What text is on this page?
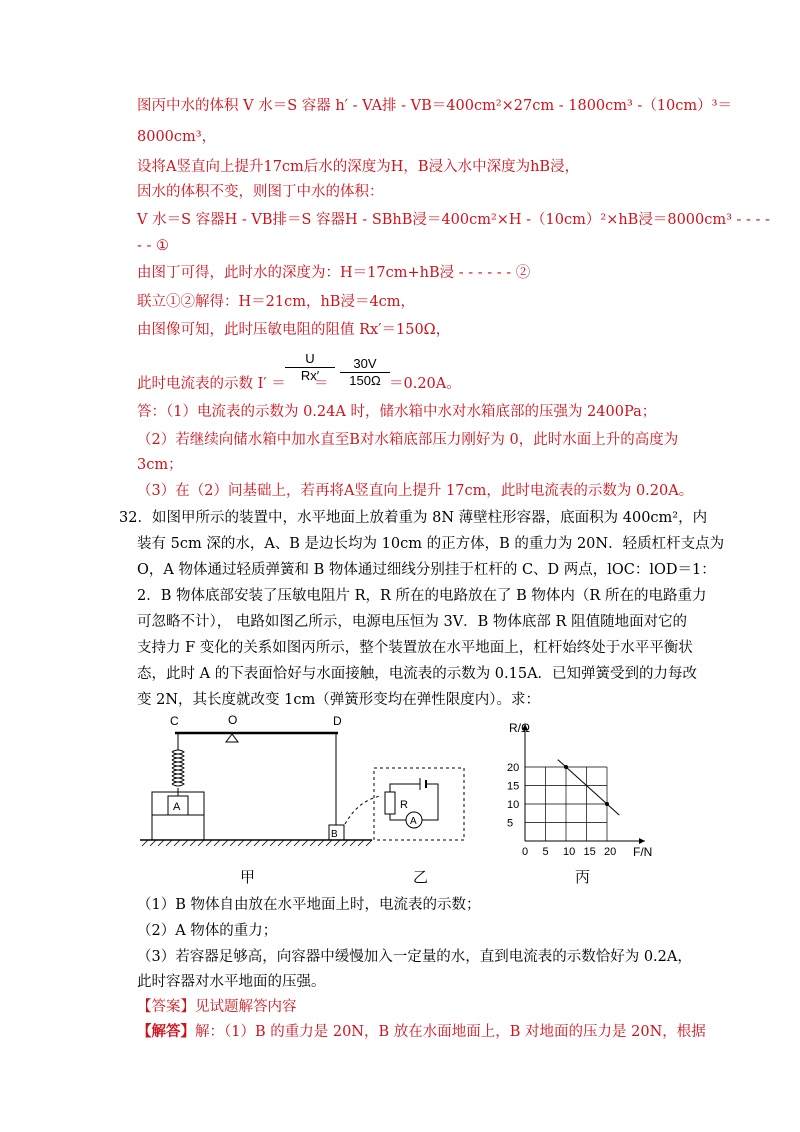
图丙中水的体积 V 水＝S 容器 h′ ‑ VA排 ‑ VB＝400cm²×27cm ‑ 1800cm³ ‑（10cm）³＝
8000cm³，
设将A竖直向上提升17cm后水的深度为H，B浸入水中深度为hB浸，
因水的体积不变，则图丁中水的体积：
V 水＝S 容器H ‑ VB排＝S 容器H ‑ SBhB浸＝400cm²×H ‑（10cm）²×hB浸＝8000cm³ ‑ ‑ ‑ ‑
‑ ‑ ①
由图丁可得，此时水的深度为：H＝17cm+hB浸 ‑ ‑ ‑ ‑ ‑ ‑ ②
联立①②解得：H＝21cm，hB浸＝4cm，
由图像可知，此时压敏电阻的阻值 Rx′＝150Ω，
此时电流表的示数 I′ ＝
$\frac{U}{Rx'}$
＝ $\frac{30V}{150\Omega} =0.20A$。
答：（1）电流表的示数为 0.24A 时，储水箱中水对水箱底部的压强为 2400Pa；
（2）若继续向储水箱中加水直至B对水箱底部压力刚好为 0，此时水面上升的高度为
3cm；
（3）在（2）问基础上，若再将A竖直向上提升 17cm，此时电流表的示数为 0.20A。
32． 如图甲所示的装置中，水平地面上放着重为 8N 薄壁柱形容器，底面积为 400cm²，内
装有 5cm 深的水，A、B 是边长均为 10cm 的正方体，B 的重力为 20N．轻质杠杆支点为
O，A 物体通过轻质弹簧和 B 物体通过细线分别挂于杠杆的 C、D 两点，lOC：lOD＝1：
2．B 物体底部安装了压敏电阻片 R，R 所在的电路放在了 B 物体内（R 所在的电路重力
可忽略不计）， 电路如图乙所示，电源电压恒为 3V．B 物体底部 R 阻值随地面对它的
支持力 F 变化的关系如图丙所示，整个装置放在水平地面上，杠杆始终处于水平平衡状
态，此时 A 的下表面恰好与水面接触，电流表的示数为 0.15A．已知弹簧受到的力每改
变 2N，其长度就改变 1cm（弹簧形变均在弹性限度内）。求：
C	O	D
A
B
R
A
R/Ω
F/N
0 5 10 15 20
5
10
15
20
甲	乙	丙
（1）B 物体自由放在水平地面上时，电流表的示数；
（2）A 物体的重力；
（3）若容器足够高，向容器中缓慢加入一定量的水，直到电流表的示数恰好为 0.2A，
此时容器对水平地面的压强。
【答案】见试题解答内容
【解答】解：（1）B 的重力是 20N，B 放在水面地面上，B 对地面的压力是 20N，根据
